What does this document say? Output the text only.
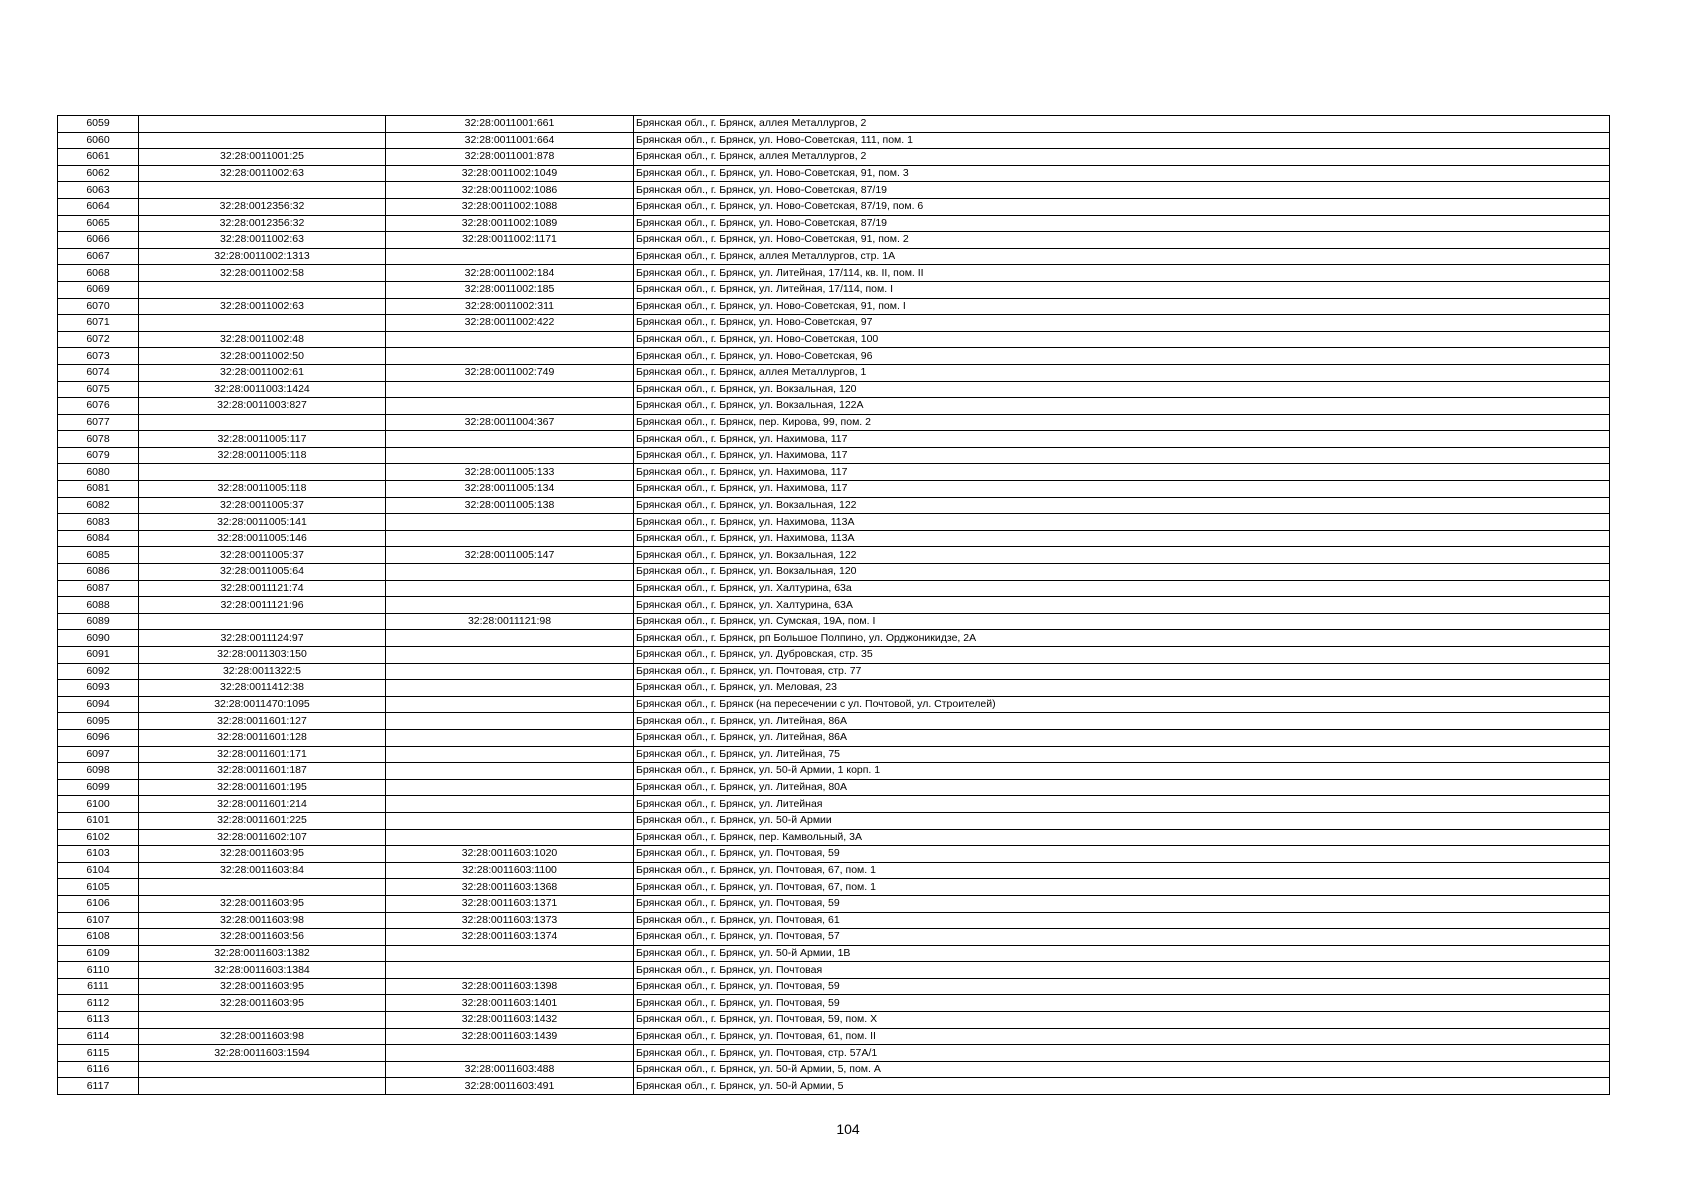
6059		32:28:0011001:661	Брянская обл., г. Брянск, аллея Металлургов, 2
6060		32:28:0011001:664	Брянская обл., г. Брянск, ул. Ново-Советская, 111, пом. 1
6061	32:28:0011001:25	32:28:0011001:878	Брянская обл., г. Брянск, аллея Металлургов, 2
6062	32:28:0011002:63	32:28:0011002:1049	Брянская обл., г. Брянск, ул. Ново-Советская, 91, пом. 3
6063		32:28:0011002:1086	Брянская обл., г. Брянск, ул. Ново-Советская, 87/19
6064	32:28:0012356:32	32:28:0011002:1088	Брянская обл., г. Брянск, ул. Ново-Советская, 87/19, пом. 6
6065	32:28:0012356:32	32:28:0011002:1089	Брянская обл., г. Брянск, ул. Ново-Советская, 87/19
6066	32:28:0011002:63	32:28:0011002:1171	Брянская обл., г. Брянск, ул. Ново-Советская, 91, пом. 2
6067	32:28:0011002:1313		Брянская обл., г. Брянск, аллея Металлургов, стр. 1А
6068	32:28:0011002:58	32:28:0011002:184	Брянская обл., г. Брянск, ул. Литейная, 17/114, кв. II, пом. II
6069		32:28:0011002:185	Брянская обл., г. Брянск, ул. Литейная, 17/114, пом. I
6070	32:28:0011002:63	32:28:0011002:311	Брянская обл., г. Брянск, ул. Ново-Советская, 91, пом. I
6071		32:28:0011002:422	Брянская обл., г. Брянск, ул. Ново-Советская, 97
6072	32:28:0011002:48		Брянская обл., г. Брянск, ул. Ново-Советская, 100
6073	32:28:0011002:50		Брянская обл., г. Брянск, ул. Ново-Советская, 96
6074	32:28:0011002:61	32:28:0011002:749	Брянская обл., г. Брянск, аллея Металлургов, 1
6075	32:28:0011003:1424		Брянская обл., г. Брянск, ул. Вокзальная, 120
6076	32:28:0011003:827		Брянская обл., г. Брянск, ул. Вокзальная, 122А
6077		32:28:0011004:367	Брянская обл., г. Брянск, пер. Кирова, 99, пом. 2
6078	32:28:0011005:117		Брянская обл., г. Брянск, ул. Нахимова, 117
6079	32:28:0011005:118		Брянская обл., г. Брянск, ул. Нахимова, 117
6080		32:28:0011005:133	Брянская обл., г. Брянск, ул. Нахимова, 117
6081	32:28:0011005:118	32:28:0011005:134	Брянская обл., г. Брянск, ул. Нахимова, 117
6082	32:28:0011005:37	32:28:0011005:138	Брянская обл., г. Брянск, ул. Вокзальная, 122
6083	32:28:0011005:141		Брянская обл., г. Брянск, ул. Нахимова, 113А
6084	32:28:0011005:146		Брянская обл., г. Брянск, ул. Нахимова, 113А
6085	32:28:0011005:37	32:28:0011005:147	Брянская обл., г. Брянск, ул. Вокзальная, 122
6086	32:28:0011005:64		Брянская обл., г. Брянск, ул. Вокзальная, 120
6087	32:28:0011121:74		Брянская обл., г. Брянск, ул. Халтурина, 63а
6088	32:28:0011121:96		Брянская обл., г. Брянск, ул. Халтурина, 63А
6089		32:28:0011121:98	Брянская обл., г. Брянск, ул. Сумская, 19А, пом. I
6090	32:28:0011124:97		Брянская обл., г. Брянск, рп Большое Полпино, ул. Орджоникидзе, 2А
6091	32:28:0011303:150		Брянская обл., г. Брянск, ул. Дубровская, стр. 35
6092	32:28:0011322:5		Брянская обл., г. Брянск, ул. Почтовая, стр. 77
6093	32:28:0011412:38		Брянская обл., г. Брянск, ул. Меловая, 23
6094	32:28:0011470:1095		Брянская обл., г. Брянск (на пересечении с ул. Почтовой, ул. Строителей)
6095	32:28:0011601:127		Брянская обл., г. Брянск, ул. Литейная, 86А
6096	32:28:0011601:128		Брянская обл., г. Брянск, ул. Литейная, 86А
6097	32:28:0011601:171		Брянская обл., г. Брянск, ул. Литейная, 75
6098	32:28:0011601:187		Брянская обл., г. Брянск, ул. 50-й Армии, 1 корп. 1
6099	32:28:0011601:195		Брянская обл., г. Брянск, ул. Литейная, 80А
6100	32:28:0011601:214		Брянская обл., г. Брянск, ул. Литейная
6101	32:28:0011601:225		Брянская обл., г. Брянск, ул. 50-й Армии
6102	32:28:0011602:107		Брянская обл., г. Брянск, пер. Камвольный, 3А
6103	32:28:0011603:95	32:28:0011603:1020	Брянская обл., г. Брянск, ул. Почтовая, 59
6104	32:28:0011603:84	32:28:0011603:1100	Брянская обл., г. Брянск, ул. Почтовая, 67, пом. 1
6105		32:28:0011603:1368	Брянская обл., г. Брянск, ул. Почтовая, 67, пом. 1
6106	32:28:0011603:95	32:28:0011603:1371	Брянская обл., г. Брянск, ул. Почтовая, 59
6107	32:28:0011603:98	32:28:0011603:1373	Брянская обл., г. Брянск, ул. Почтовая, 61
6108	32:28:0011603:56	32:28:0011603:1374	Брянская обл., г. Брянск, ул. Почтовая, 57
6109	32:28:0011603:1382		Брянская обл., г. Брянск, ул. 50-й Армии, 1В
6110	32:28:0011603:1384		Брянская обл., г. Брянск, ул. Почтовая
6111	32:28:0011603:95	32:28:0011603:1398	Брянская обл., г. Брянск, ул. Почтовая, 59
6112	32:28:0011603:95	32:28:0011603:1401	Брянская обл., г. Брянск, ул. Почтовая, 59
6113		32:28:0011603:1432	Брянская обл., г. Брянск, ул. Почтовая, 59, пом. X
6114	32:28:0011603:98	32:28:0011603:1439	Брянская обл., г. Брянск, ул. Почтовая, 61, пом. II
6115	32:28:0011603:1594		Брянская обл., г. Брянск, ул. Почтовая, стр. 57А/1
6116		32:28:0011603:488	Брянская обл., г. Брянск, ул. 50-й Армии, 5, пом. А
6117		32:28:0011603:491	Брянская обл., г. Брянск, ул. 50-й Армии, 5
104
